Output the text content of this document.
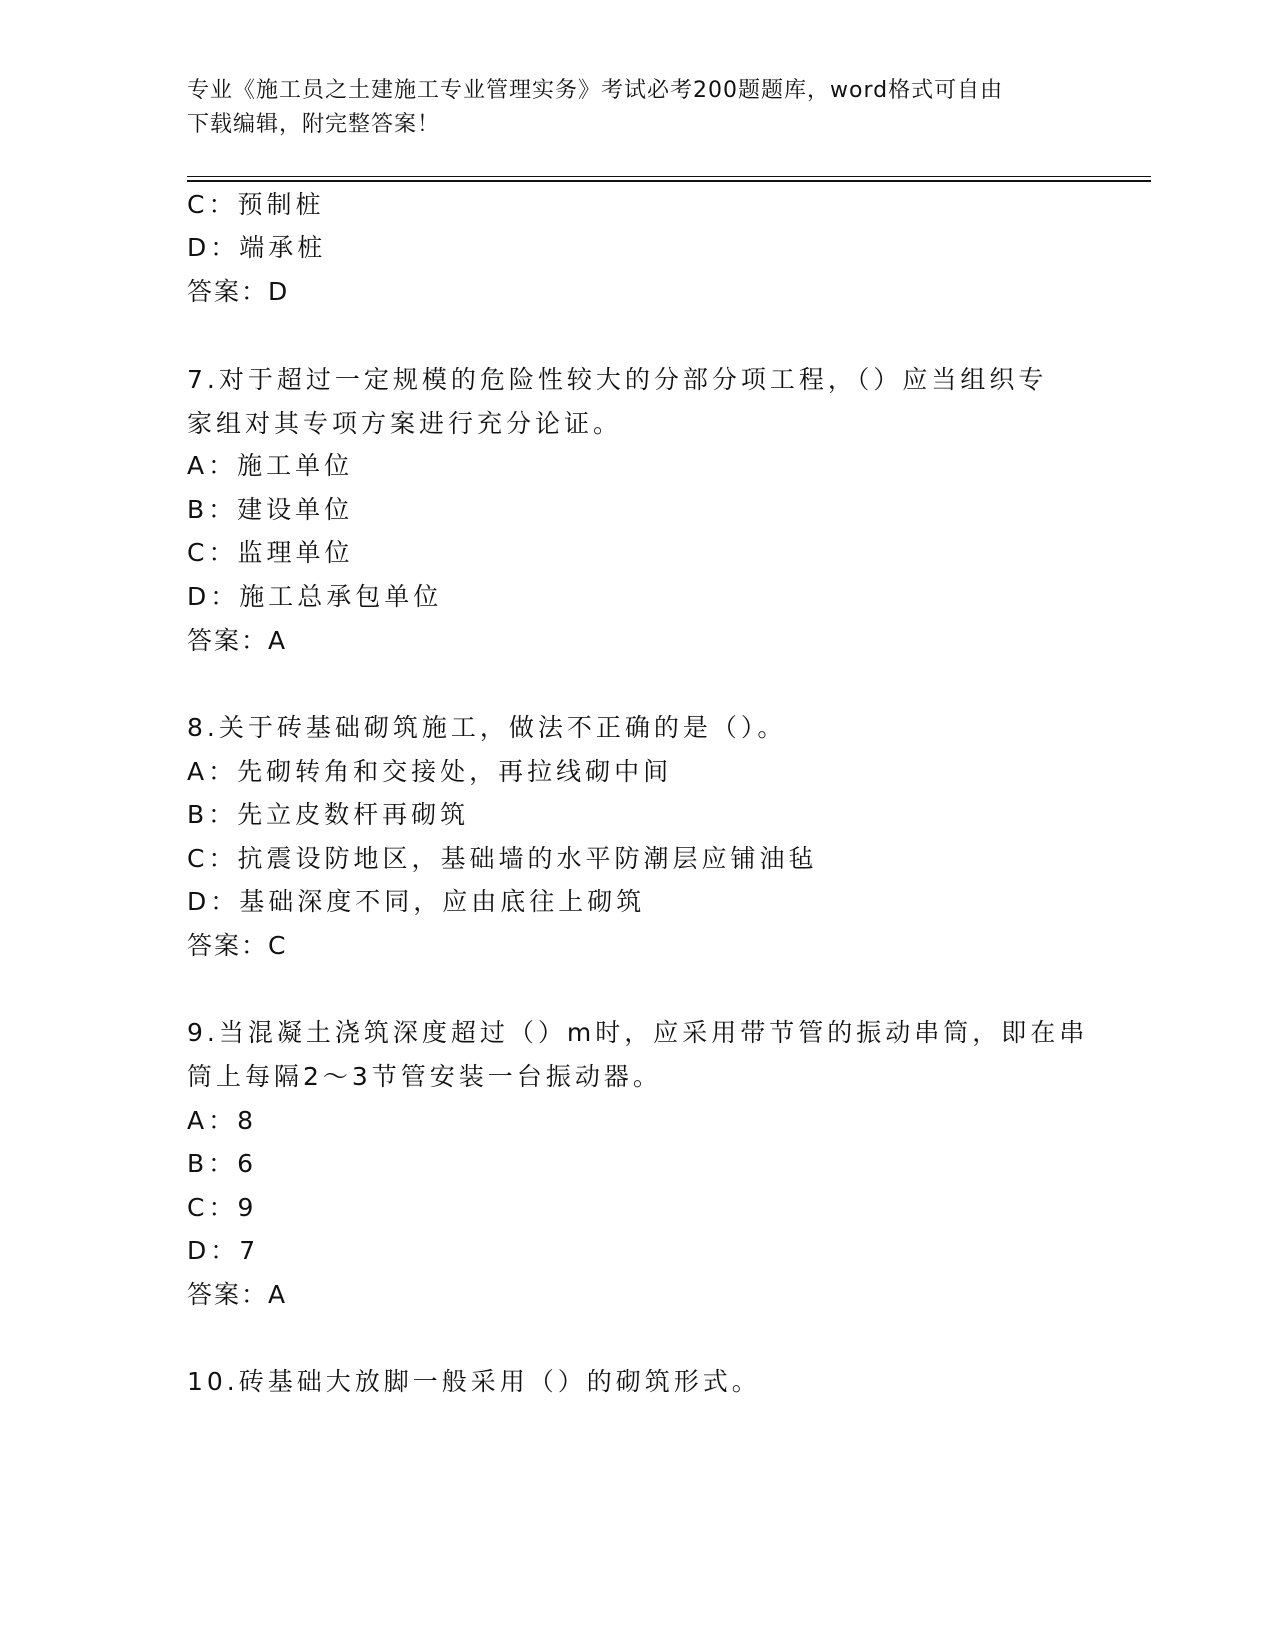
专业《施工员之土建施工专业管理实务》考试必考200题题库，word格式可自由
下载编辑，附完整答案！
C：预制桩
D：端承桩
答案：D
7.对于超过一定规模的危险性较大的分部分项工程，（）应当组织专
家组对其专项方案进行充分论证。
A：施工单位
B：建设单位
C：监理单位
D：施工总承包单位
答案：A
8.关于砖基础砌筑施工，做法不正确的是（）。
A：先砌转角和交接处，再拉线砌中间
B：先立皮数杆再砌筑
C：抗震设防地区，基础墙的水平防潮层应铺油毡
D：基础深度不同，应由底往上砌筑
答案：C
9.当混凝土浇筑深度超过（）m时，应采用带节管的振动串筒，即在串
筒上每隔2～3节管安装一台振动器。
A：8
B：6
C：9
D：7
答案：A
10.砖基础大放脚一般采用（）的砌筑形式。
